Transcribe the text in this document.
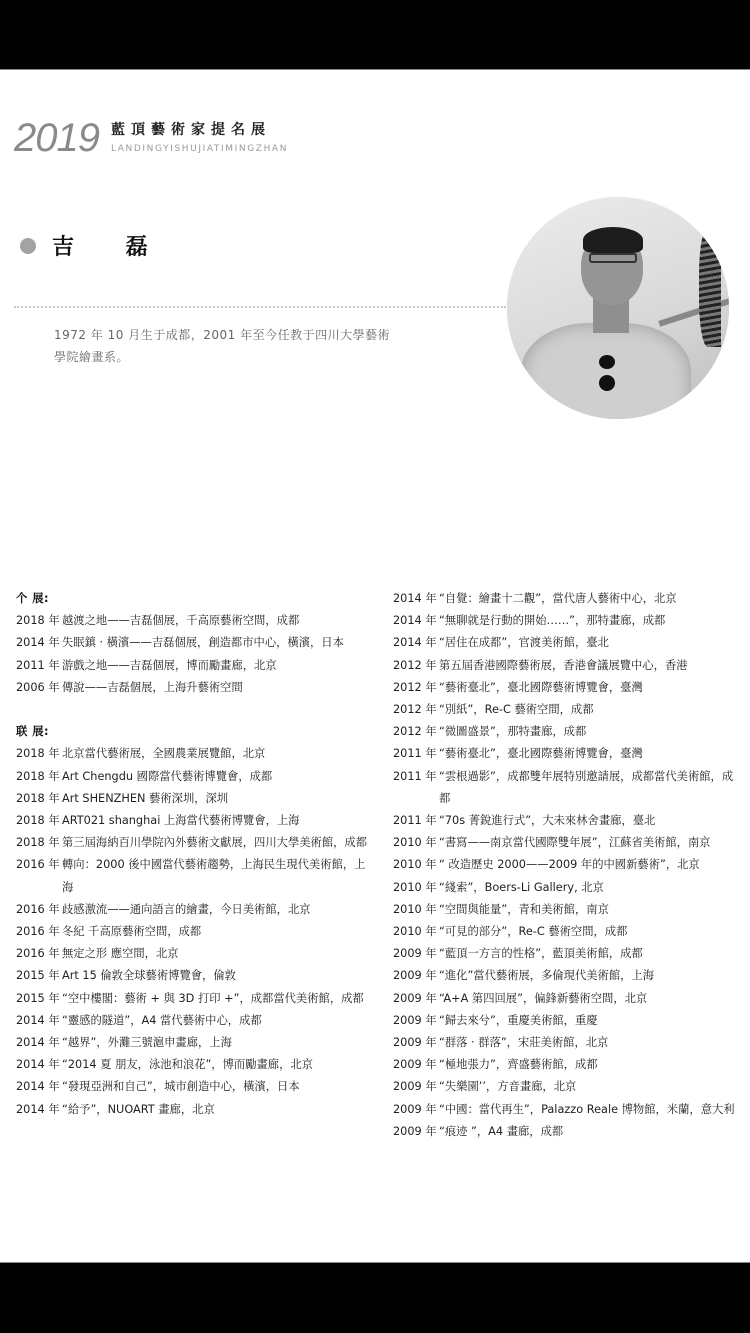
2019 藍頂藝術家提名展
LANDINGYISHUJIATIMINGZHAN
吉 磊

1972 年 10 月生于成都，2001 年至今任教于四川大學藝術學院繪畫系。

个 展:
2018 年 越渡之地——吉磊個展，千高原藝術空間，成都
2014 年 失眠鎮 · 橫濱——吉磊個展，創造都市中心，橫濱，日本
2011 年 游戲之地——吉磊個展，博而勵畫廊，北京
2006 年 傳說——吉磊個展，上海升藝術空間
联 展:
2018 年 北京當代藝術展，全國農業展覽館，北京
2018 年 Art Chengdu 國際當代藝術博覽會，成都
2018 年 Art SHENZHEN 藝術深圳，深圳
2018 年 ART021 shanghai 上海當代藝術博覽會，上海
2018 年 第三屆海納百川學院內外藝術文獻展，四川大學美術館，成都
2016 年 轉向：2000 後中國當代藝術趨勢，上海民生現代美術館，上海
2016 年 歧感激流——通向語言的繪畫，今日美術館，北京
2016 年 冬紀 千高原藝術空間，成都
2016 年 無定之形 應空間，北京
2015 年 Art 15 倫敦全球藝術博覽會，倫敦
2015 年 “空中樓閣：藝術 + 與 3D 打印 +”，成都當代美術館，成都
2014 年 “靈感的隧道”，A4 當代藝術中心，成都
2014 年 “越界”，外灘三號滬申畫廊，上海
2014 年 “2014 夏 朋友，泳池和浪花”，博而勵畫廊，北京
2014 年 “發現亞洲和自己”，城市創造中心，橫濱，日本
2014 年 “給予”，NUOART 畫廊，北京
2014 年 “自覺：繪畫十二觀”，當代唐人藝術中心，北京
2014 年 “無聊就是行動的開始……”，那特畫廊，成都
2014 年 “居住在成都”，官渡美術館，臺北
2012 年 第五屆香港國際藝術展，香港會議展覽中心，香港
2012 年 “藝術臺北”，臺北國際藝術博覽會，臺灣
2012 年 “別紙”，Re-C 藝術空間，成都
2012 年 “微圖盛景”，那特畫廊，成都
2011 年 “藝術臺北”，臺北國際藝術博覽會，臺灣
2011 年 “雲根過影”，成都雙年展特別邀請展，成都當代美術館，成都
2011 年 “70s 菁銳進行式”，大未來林舍畫廊，臺北
2010 年 “書寫——南京當代國際雙年展”，江蘇省美術館，南京
2010 年 “ 改造歷史 2000——2009 年的中國新藝術”，北京
2010 年 “綫索”，Boers-Li Gallery, 北京
2010 年 “空間與能量”，青和美術館，南京
2010 年 “可見的部分”，Re-C 藝術空間，成都
2009 年 “藍頂一方言的性格”，藍頂美術館，成都
2009 年 “進化”當代藝術展，多倫現代美術館，上海
2009 年 “A+A 第四回展”，偏鋒新藝術空間，北京
2009 年 “歸去來兮”，重慶美術館，重慶
2009 年 “群落 · 群落”，宋莊美術館，北京
2009 年 “極地張力”，齊盛藝術館，成都
2009 年 “失樂園’’，方音畫廊，北京
2009 年 “中國：當代再生”，Palazzo Reale 博物館，米蘭，意大利
2009 年 “痕迹 ”，A4 畫廊，成都
